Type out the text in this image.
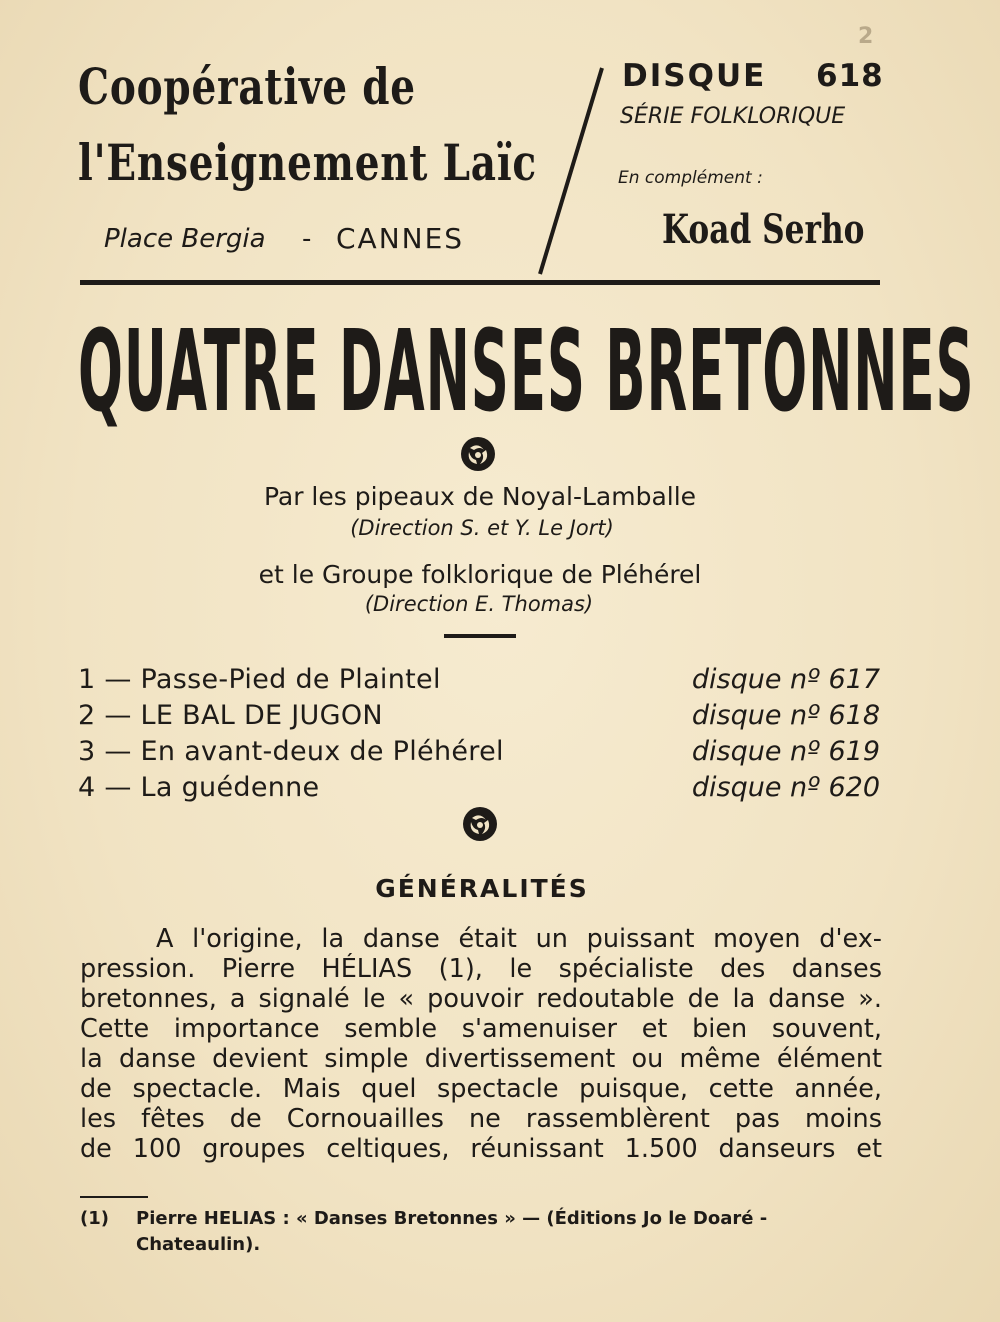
2
Coopérative de
l'Enseignement Laïc
Place Bergia - CANNES
DISQUE 618
SÉRIE FOLKLORIQUE
En complément :
Koad Serho
QUATRE DANSES BRETONNES
Par les pipeaux de Noyal-Lamballe
(Direction S. et Y. Le Jort)
et le Groupe folklorique de Pléhérel
(Direction E. Thomas)
1 — Passe-Pied de Plaintel	disque nº 617
2 — LE BAL DE JUGON	disque nº 618
3 — En avant-deux de Pléhérel	disque nº 619
4 — La guédenne	disque nº 620
GÉNÉRALITÉS
A l'origine, la danse était un puissant moyen d'ex-
pression. Pierre HÉLIAS (1), le spécialiste des danses
bretonnes, a signalé le « pouvoir redoutable de la danse ».
Cette importance semble s'amenuiser et bien souvent,
la danse devient simple divertissement ou même élément
de spectacle. Mais quel spectacle puisque, cette année,
les fêtes de Cornouailles ne rassemblèrent pas moins
de 100 groupes celtiques, réunissant 1.500 danseurs et
(1) Pierre HELIAS : « Danses Bretonnes » — (Éditions Jo le Doaré -
Chateaulin).
